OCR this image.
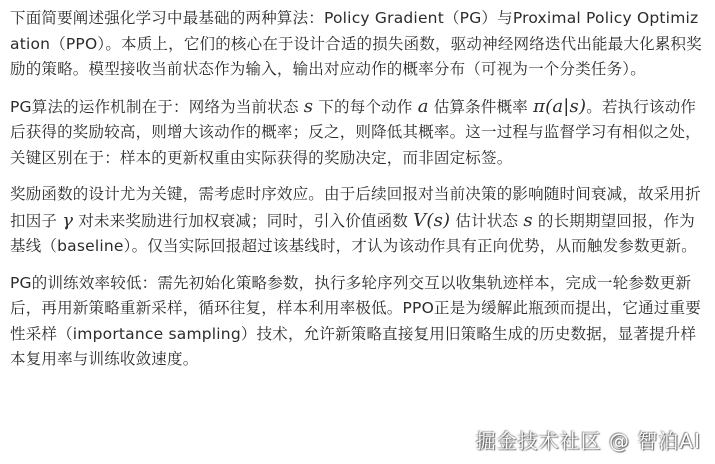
下面简要阐述强化学习中最基础的两种算法：Policy Gradient（PG）与Proximal Policy Optimization（PPO）。本质上，它们的核心在于设计合适的损失函数，驱动神经网络迭代出能最大化累积奖励的策略。模型接收当前状态作为输入，输出对应动作的概率分布（可视为一个分类任务）。

PG算法的运作机制在于：网络为当前状态 s 下的每个动作 a 估算条件概率 π(a|s)。若执行该动作后获得的奖励较高，则增大该动作的概率；反之，则降低其概率。这一过程与监督学习有相似之处，关键区别在于：样本的更新权重由实际获得的奖励决定，而非固定标签。

奖励函数的设计尤为关键，需考虑时序效应。由于后续回报对当前决策的影响随时间衰减，故采用折扣因子 γ 对未来奖励进行加权衰减；同时，引入价值函数 V(s) 估计状态 s 的长期期望回报，作为基线（baseline）。仅当实际回报超过该基线时，才认为该动作具有正向优势，从而触发参数更新。

PG的训练效率较低：需先初始化策略参数，执行多轮序列交互以收集轨迹样本，完成一轮参数更新后，再用新策略重新采样，循环往复，样本利用率极低。PPO正是为缓解此瓶颈而提出，它通过重要性采样（importance sampling）技术，允许新策略直接复用旧策略生成的历史数据，显著提升样本复用率与训练收敛速度。

掘金技术社区 @ 智泊AI
